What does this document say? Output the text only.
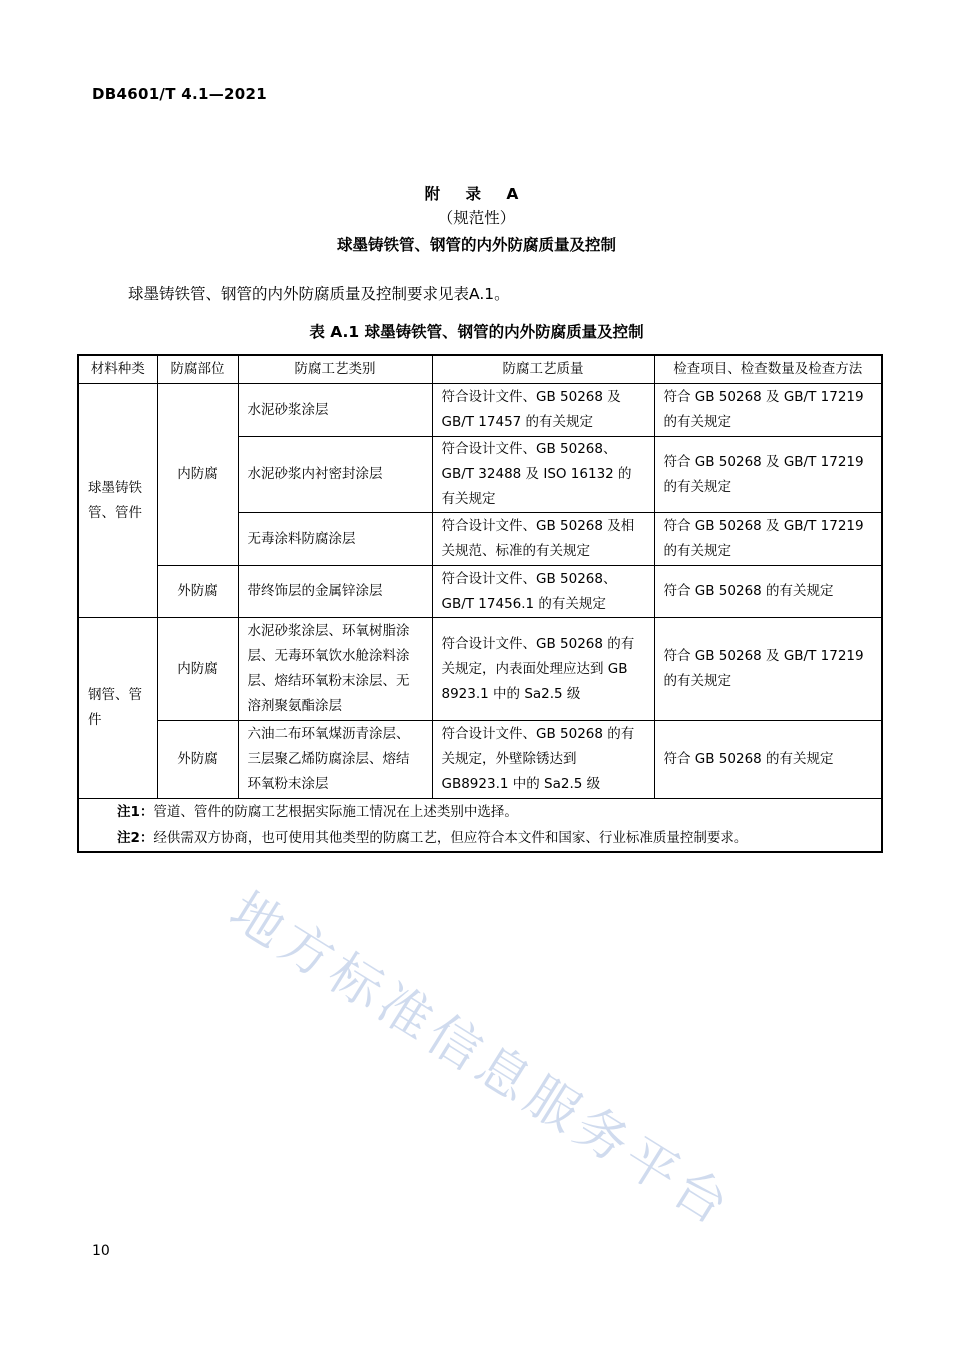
DB4601/T 4.1—2021
附 录 A
（规范性）
球墨铸铁管、钢管的内外防腐质量及控制
球墨铸铁管、钢管的内外防腐质量及控制要求见表A.1。
表 A.1 球墨铸铁管、钢管的内外防腐质量及控制
材料种类	防腐部位	防腐工艺类别	防腐工艺质量	检查项目、检查数量及检查方法
球墨铸铁管、管件	内防腐	水泥砂浆涂层	符合设计文件、GB 50268 及 GB/T 17457 的有关规定	符合 GB 50268 及 GB/T 17219 的有关规定
		水泥砂浆内衬密封涂层	符合设计文件、GB 50268、GB/T 32488 及 ISO 16132 的有关规定	符合 GB 50268 及 GB/T 17219 的有关规定
		无毒涂料防腐涂层	符合设计文件、GB 50268 及相关规范、标准的有关规定	符合 GB 50268 及 GB/T 17219 的有关规定
	外防腐	带终饰层的金属锌涂层	符合设计文件、GB 50268、GB/T 17456.1 的有关规定	符合 GB 50268 的有关规定
钢管、管件	内防腐	水泥砂浆涂层、环氧树脂涂层、无毒环氧饮水舱涂料涂层、熔结环氧粉末涂层、无溶剂聚氨酯涂层	符合设计文件、GB 50268 的有关规定，内表面处理应达到 GB 8923.1 中的 Sa2.5 级	符合 GB 50268 及 GB/T 17219 的有关规定
	外防腐	六油二布环氧煤沥青涂层、三层聚乙烯防腐涂层、熔结环氧粉末涂层	符合设计文件、GB 50268 的有关规定，外壁除锈达到 GB8923.1 中的 Sa2.5 级	符合 GB 50268 的有关规定

注1：管道、管件的防腐工艺根据实际施工情况在上述类别中选择。
注2：经供需双方协商，也可使用其他类型的防腐工艺，但应符合本文件和国家、行业标准质量控制要求。				
地方标准信息服务平台
10
